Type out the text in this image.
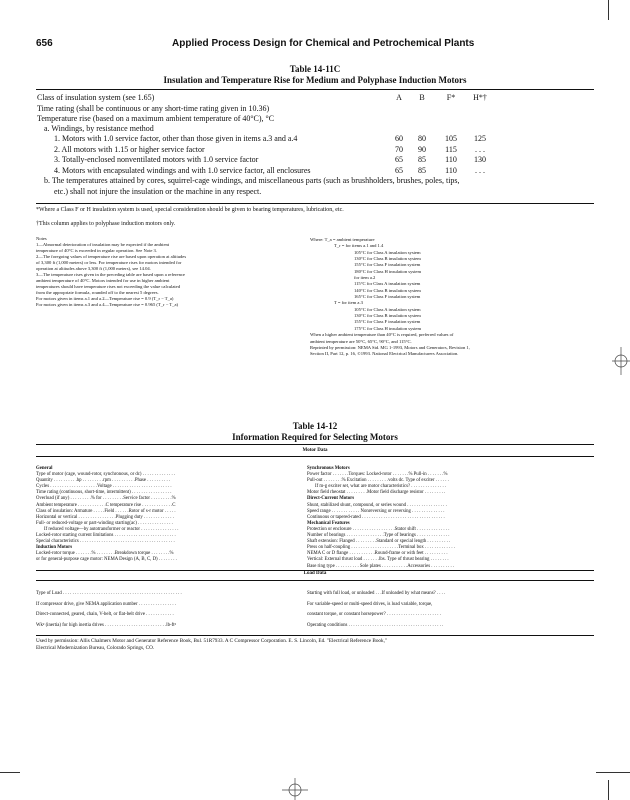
656	Applied Process Design for Chemical and Petrochemical Plants
Table 14-11C
Insulation and Temperature Rise for Medium and Polyphase Induction Motors
Class of insulation system (see 1.65)	A	B	F*	H*†
Time rating (shall be continuous or any short-time rating given in 10.36)
Temperature rise (based on a maximum ambient temperature of 40°C), °C
a. Windings, by resistance method
1. Motors with 1.0 service factor, other than those given in items a.3 and a.4	60	80	105	125
2. All motors with 1.15 or higher service factor	70	90	115	. . .
3. Totally-enclosed nonventilated motors with 1.0 service factor	65	85	110	130
4. Motors with encapsulated windings and with 1.0 service factor, all enclosures	65	85	110	. . .
b. The temperatures attained by cores, squirrel-cage windings, and miscellaneous parts (such as brushholders, brushes, poles, tips,
etc.) shall not injure the insulation or the machine in any respect.
*Where a Class F or H insulation system is used, special consideration should be given to bearing temperatures, lubrication, etc.
†This column applies to polyphase induction motors only.
Notes
1—Abnormal deterioration of insulation may be expected if the ambient
temperature of 40°C is exceeded in regular operation. See Note 3.
2—The foregoing values of temperature rise are based upon operation at altitudes
of 3,300 ft (1,000 meters) or less. For temperature rises for motors intended for
operation at altitudes above 3,300 ft (1,000 meters), see 14.04.
3—The temperature rises given in the preceding table are based upon a reference
ambient temperature of 40°C. Motors intended for use in higher ambient
temperatures should have temperature rises not exceeding the value calculated
from the appropriate formula, rounded off to the nearest 5 degrees.
For motors given in items a.1 and a.2—Temperature rise = 0.9 (T_r − T_a)
For motors given in items a.3 and a.4—Temperature rise = 0.965 (T_r − T_a)
Where: T_a = ambient temperature
T_r = for items a.1 and 1.4
105°C for Class A insulation system
130°C for Class B insulation system
155°C for Class F insulation system
180°C for Class H insulation system
for item a.2
115°C for Class A insulation system
140°C for Class B insulation system
165°C for Class F insulation system
T = for item a.3
105°C for Class A insulation system
130°C for Class B insulation system
155°C for Class F insulation system
175°C for Class H insulation system
When a higher ambient temperature than 40°C is required, preferred values of
ambient temperature are 50°C, 65°C, 90°C, and 115°C.
Reprinted by permission: NEMA Std. MG 1-1993, Motors and Generators, Revision 1,
Section II, Part 12, p. 16, ©1993. National Electrical Manufacturers Association.
Table 14-12
Information Required for Selecting Motors
Motor Data
General
Type of motor (cage, wound-rotor, synchronous, or dc) . . . . . . . . . . . . . .
Quantity . . . . . . . . . .hp . . . . . . . . .rpm . . . . . . . . . .Phase . . . . . . . . . .
Cycles . . . . . . . . . . . . . . . . . . . .Voltage . . . . . . . . . . . . . . . . . . . . . . . . .
Time rating (continuous, short-time, intermittent) . . . . . . . . . . . . . . . . .
Overload (if any) . . . . . . . . .% for . . . . . . . . .Service factor . . . . . . . . .%
Ambient temperature . . . . . . . . . . . .C temperature rise . . . . . . . . . . . . .C
Class of insulation: Armature . . . . .Field . . . . . .Rotor of s-r motor . . . . .
Horizontal or vertical . . . . . . . . . . . . . . . .Plugging duty . . . . . . . . . . . . .
Full- or reduced-voltage or part-winding starting(ac) . . . . . . . . . . . . . . .
If reduced voltage—by autotransformer or reactor . . . . . . . . . . . . . . . .
Locked-rotor starting current limitations . . . . . . . . . . . . . . . . . . . . . . . . . .
Special characteristics . . . . . . . . . . . . . . . . . . . . . . . . . . . . . . . . . . . . . . . .
Induction Motors
Locked-rotor torque . . . . . . .% . . . . . . . .Breakdown torque . . . . . . . .%
or for general-purpose cage motor: NEMA Design (A, B, C, D) . . . . . . . .
Synchronous Motors
Power factor . . . . . . .Torques: Locked-rotor . . . . . . .% Pull-in . . . . . . .%
Pull-out . . . . . . . .% Excitation . . . . . . . . .volts dc. Type of exciter . . . . . .
If m-g exciter set, what are motor characteristics? . . . . . . . . . . . . . . .
Motor field rheostat . . . . . . . . .Motor field discharge resistor . . . . . . . . .
Direct-Current Motors
Shunt, stabilized shunt, compound, or series wound . . . . . . . . . . . . . . . . .
Speed range . . . . . . . . . . . . Nonreversing or reversing . . . . . . . . . . . . . .
Continuous or tapered-rated . . . . . . . . . . . . . . . . . . . . . . . . . . . . . . . . . . .
Mechanical Features
Protection or enclosure . . . . . . . . . . . . . . . . . .Stator shift . . . . . . . . . . . . . .
Number of bearings . . . . . . . . . . . . . . . .Type of bearings . . . . . . . . . . . . . .
Shaft extension: Flanged . . . . . . . . .Standard or special length . . . . . . . . . .
Press on half-coupling . . . . . . . . . . . . . . . . . . . .Terminal box . . . . . . . . . . . . .
NEMA C or D flange . . . . . . . . . . .Round-frame or with feet . . . . . . . . . .
Vertical: External thrust load . . . . . . .lbs. Type of thrust bearing . . . . . . . .
Base ring type . . . . . . . . . . Sole plates . . . . . . . . . . .Accessories . . . . . . . . . .
Load Data
Type of Load . . . . . . . . . . . . . . . . . . . . . . . . . . . . . . . . . . . . . . . . . . . . . . . . . .
If compressor drive, give NEMA application number . . . . . . . . . . . . . . . .
Direct-connected, geared, chain, V-belt, or flat-belt drive . . . . . . . . . . . .
Wk² (inertia) for high inertia drives . . . . . . . . . . . . . . . . . . . . . . . . . .lb-ft²
Starting with full load, or unloaded . . .If unloaded by what means? . . . .
For variable-speed or multi-speed drives, is load variable, torque,
constant torque, or constant horsepower? . . . . . . . . . . . . . . . . . . . . . . .
Operating conditions . . . . . . . . . . . . . . . . . . . . . . . . . . . . . . . . . . . . . . . .
Used by permission: Allis Chalmers Motor and Generator Reference Book, Bul. 51R7933. A C Compressor Corporation. E. S. Lincoln, Ed. "Electrical Reference Book,"
Electrical Modernization Bureau, Colorado Springs, CO.
